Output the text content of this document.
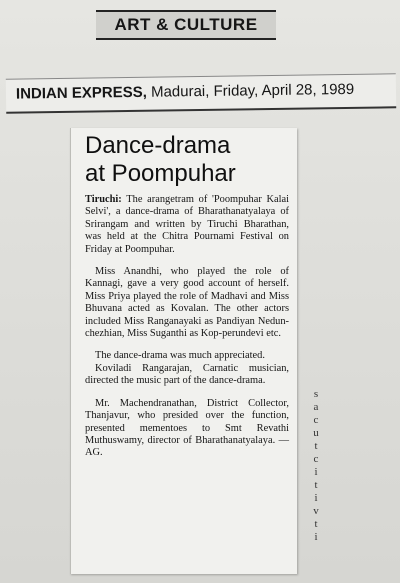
ART & CULTURE
INDIAN EXPRESS, Madurai, Friday, April 28, 1989
Dance-drama
at Poompuhar

Tiruchi: The arangetram of 'Poompuhar Kalai Selvi', a dance-drama of Bharathanatyalaya of Srirangam and written by Tiruchi Bharathan, was held at the Chitra Pournami Festival on Friday at Poompuhar.

Miss Anandhi, who played the role of Kannagi, gave a very good account of herself. Miss Priya played the role of Madhavi and Miss Bhuvana acted as Kovalan. The other actors included Miss Ranganayaki as Pandiyan Nedun-chezhian, Miss Suganthi as Kop-perundevi etc.

The dance-drama was much appreciated.

Koviladi Rangarajan, Carnatic musician, directed the music part of the dance-drama.

Mr. Machendranathan, District Collector, Thanjavur, who presided over the function, presented mementoes to Smt Revathi Muthuswamy, director of Bharathanatyalaya. — AG.

s
a
c
u
t
c
i
t
i
v
t
i
